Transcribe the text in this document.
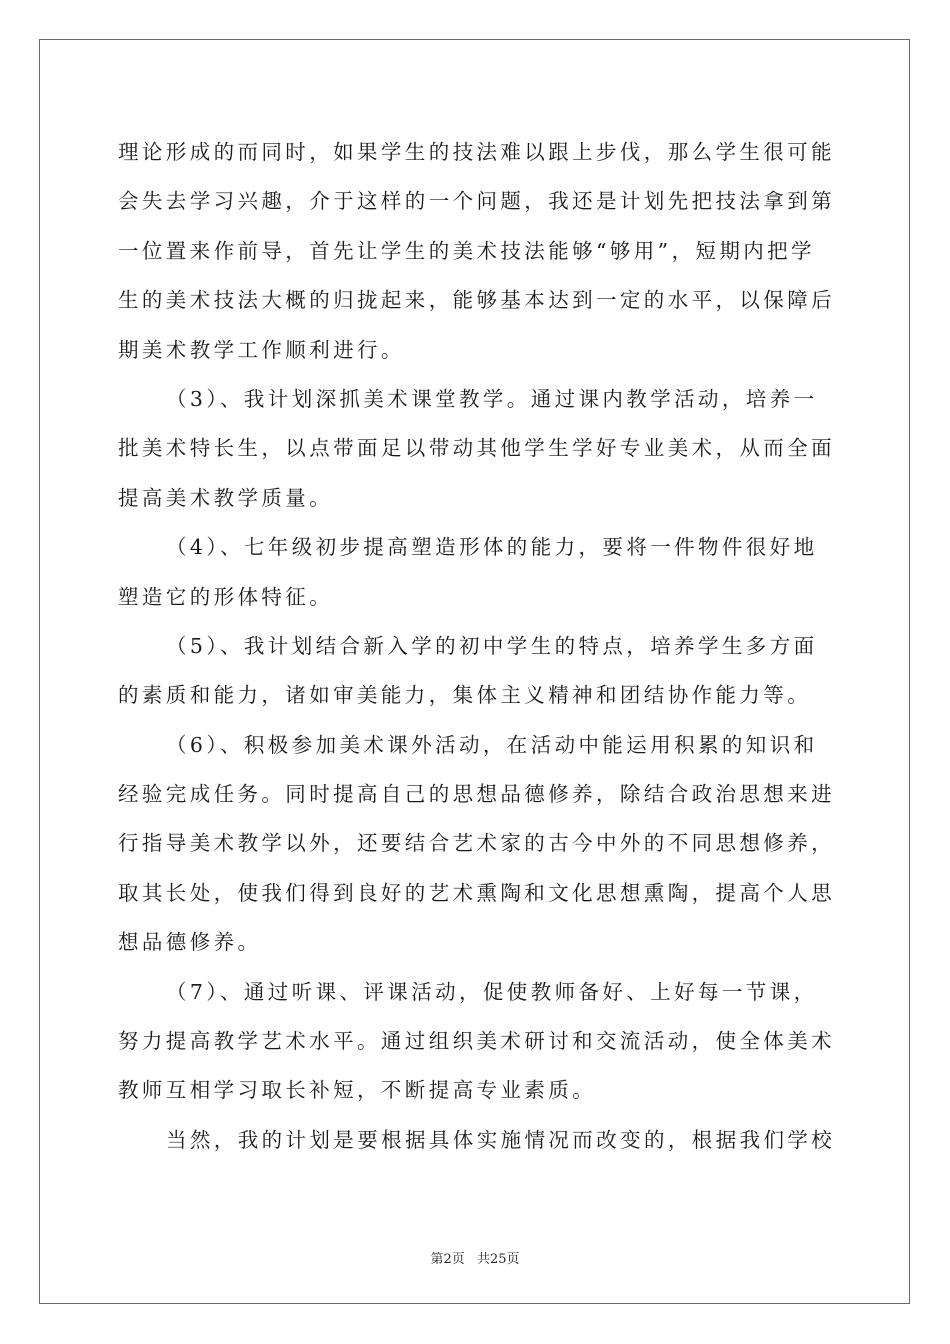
理论形成的而同时，如果学生的技法难以跟上步伐，那么学生很可能
会失去学习兴趣，介于这样的一个问题，我还是计划先把技法拿到第
一位置来作前导，首先让学生的美术技法能够“够用”，短期内把学
生的美术技法大概的归拢起来，能够基本达到一定的水平，以保障后
期美术教学工作顺利进行。
（3）、我计划深抓美术课堂教学。通过课内教学活动，培养一
批美术特长生，以点带面足以带动其他学生学好专业美术，从而全面
提高美术教学质量。
（4）、七年级初步提高塑造形体的能力，要将一件物件很好地
塑造它的形体特征。
（5）、我计划结合新入学的初中学生的特点，培养学生多方面
的素质和能力，诸如审美能力，集体主义精神和团结协作能力等。
（6）、积极参加美术课外活动，在活动中能运用积累的知识和
经验完成任务。同时提高自己的思想品德修养，除结合政治思想来进
行指导美术教学以外，还要结合艺术家的古今中外的不同思想修养，
取其长处，使我们得到良好的艺术熏陶和文化思想熏陶，提高个人思
想品德修养。
（7）、通过听课、评课活动，促使教师备好、上好每一节课，
努力提高教学艺术水平。通过组织美术研讨和交流活动，使全体美术
教师互相学习取长补短，不断提高专业素质。
当然，我的计划是要根据具体实施情况而改变的，根据我们学校
第2页 共25页
